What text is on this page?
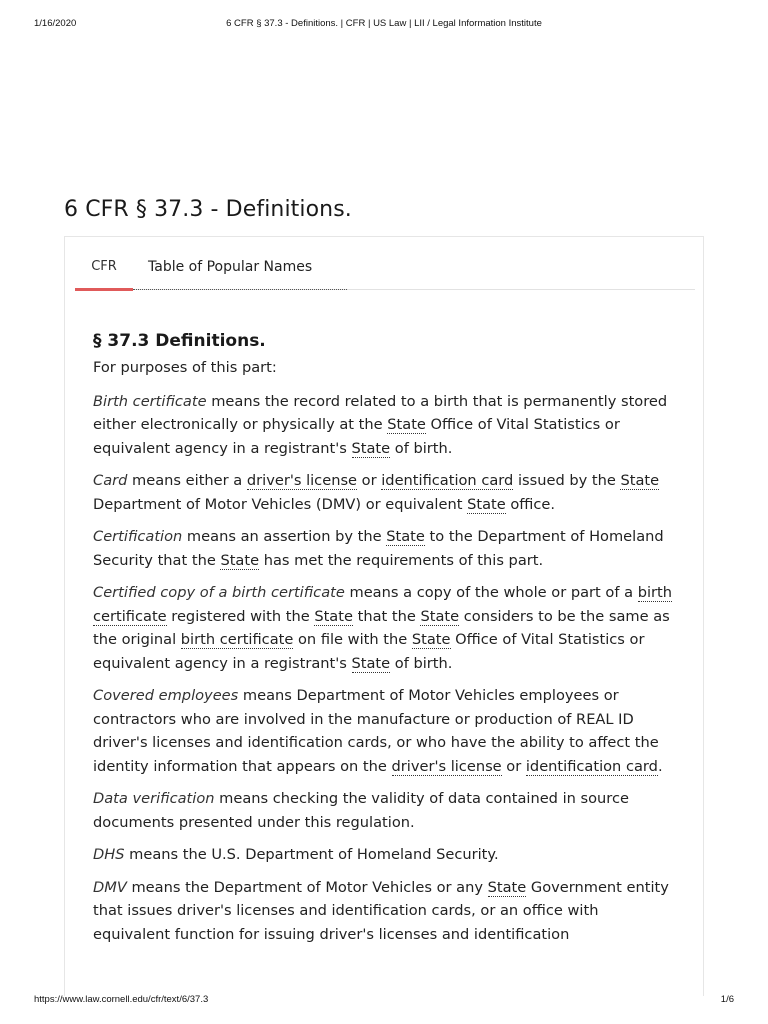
1/16/2020	6 CFR § 37.3 - Definitions. | CFR | US Law | LII / Legal Information Institute
6 CFR § 37.3 - Definitions.
CFR	Table of Popular Names
§ 37.3 Definitions.

For purposes of this part:

Birth certificate means the record related to a birth that is permanently stored either electronically or physically at the State Office of Vital Statistics or equivalent agency in a registrant's State of birth.

Card means either a driver's license or identification card issued by the State Department of Motor Vehicles (DMV) or equivalent State office.

Certification means an assertion by the State to the Department of Homeland Security that the State has met the requirements of this part.

Certified copy of a birth certificate means a copy of the whole or part of a birth certificate registered with the State that the State considers to be the same as the original birth certificate on file with the State Office of Vital Statistics or equivalent agency in a registrant's State of birth.

Covered employees means Department of Motor Vehicles employees or contractors who are involved in the manufacture or production of REAL ID driver's licenses and identification cards, or who have the ability to affect the identity information that appears on the driver's license or identification card.

Data verification means checking the validity of data contained in source documents presented under this regulation.

DHS means the U.S. Department of Homeland Security.

DMV means the Department of Motor Vehicles or any State Government entity that issues driver's licenses and identification cards, or an office with equivalent function for issuing driver's licenses and identification

https://www.law.cornell.edu/cfr/text/6/37.3	1/6
